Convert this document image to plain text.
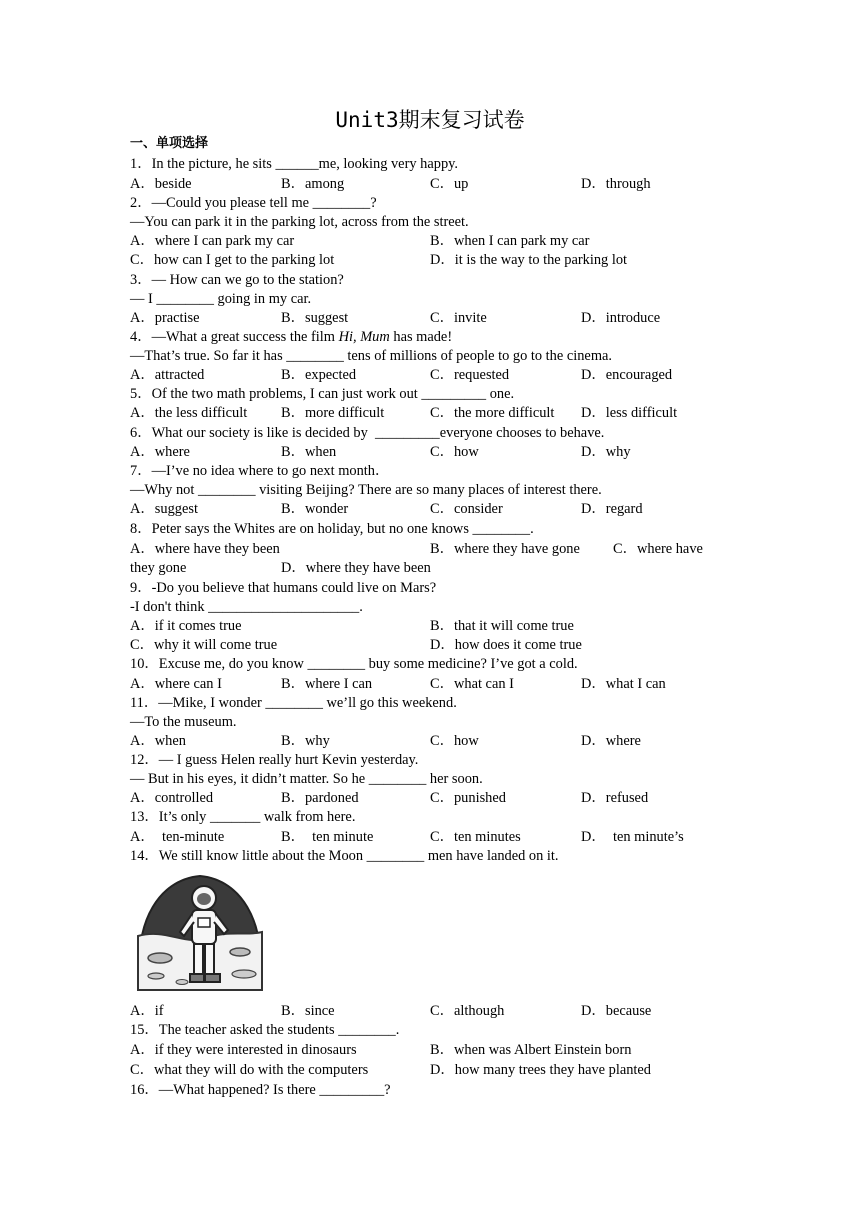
Unit3期末复习试卷
一、单项选择
1．In the picture, he sits ______me, looking very happy.
A．beside	B．among	C．up	D．through
2．—Could you please tell me ________?
—You can park it in the parking lot, across from the street.
A．where I can park my car	B．when I can park my car
C．how can I get to the parking lot	D．it is the way to the parking lot
3．— How can we go to the station?
— I ________ going in my car.
A．practise	B．suggest	C．invite	D．introduce
4．—What a great success the film Hi, Mum has made!
—That’s true. So far it has ________ tens of millions of people to go to the cinema.
A．attracted	B．expected	C．requested	D．encouraged
5．Of the two math problems, I can just work out _________ one.
A．the less difficult B．more difficult	C．the more difficult D．less difficult
6．What our society is like is decided by  _________everyone chooses to behave.
A．where	B．when	C．how	D．why
7．—I’ve no idea where to go next month．
—Why not ________ visiting Beijing? There are so many places of interest there.
A．suggest	B．wonder	C．consider	D．regard
8．Peter says the Whites are on holiday, but no one knows ________.
A．where have they been	B．where they have gone C．where have
they gone	D．where they have been
9．-Do you believe that humans could live on Mars?
-I don't think _____________________.
A．if it comes true	B．that it will come true
C．why it will come true	D．how does it come true
10．Excuse me, do you know ________ buy some medicine? I’ve got a cold.
A．where can I	B．where I can	C．what can I	D．what I can
11．—Mike, I wonder ________ we’ll go this weekend.
—To the museum.
A．when	B．why	C．how	D．where
12．— I guess Helen really hurt Kevin yesterday.
— But in his eyes, it didn’t matter. So he ________ her soon.
A．controlled	B．pardoned	C．punished	D．refused
13．It’s only _______ walk from here.
A．  ten-minute	B．  ten minute	C．ten minutes	D．  ten minute’s
14．We still know little about the Moon ________ men have landed on it.
A．if	B．since	C．although	D．because
15．The teacher asked the students ________.
A．if they were interested in dinosaurs	B．when was Albert Einstein born
C．what they will do with the computers	D．how many trees they have planted
16．—What happened? Is there _________?
